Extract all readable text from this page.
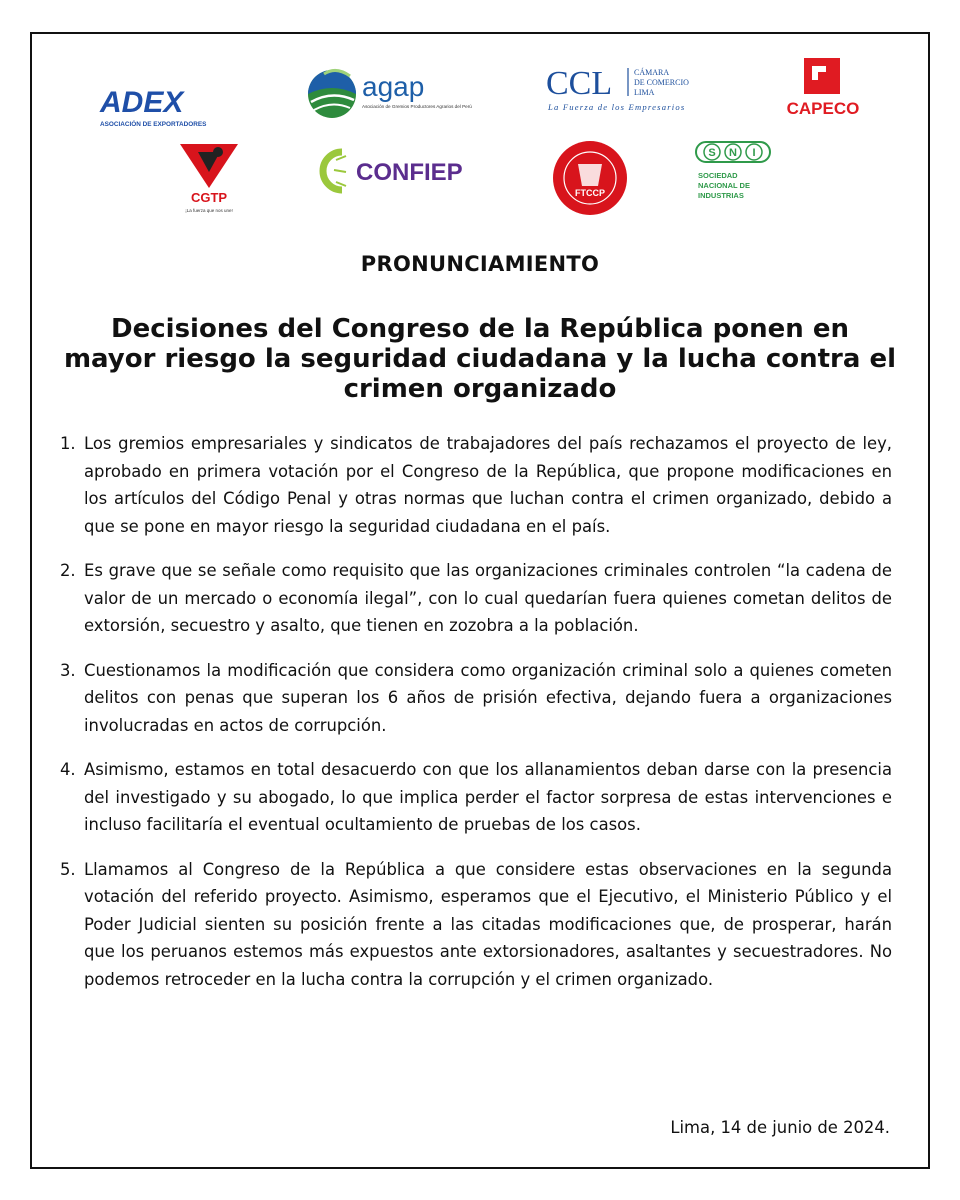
ADEX
ASOCIACIÓN DE EXPORTADORES
agap
Asociación de Gremios Productores Agrarios del Perú
CCL	CÁMARA
DE COMERCIO
LIMA
La Fuerza de los Empresarios	CAPECO
CGTP
¡La fuerza que nos une!
CONFIEP
FTCCP
S N I
SOCIEDAD
NACIONAL DE
INDUSTRIAS
PRONUNCIAMIENTO
Decisiones del Congreso de la República ponen en mayor riesgo la seguridad ciudadana y la lucha contra el crimen organizado
1. Los gremios empresariales y sindicatos de trabajadores del país rechazamos el proyecto de ley, aprobado en primera votación por el Congreso de la República, que propone modificaciones en los artículos del Código Penal y otras normas que luchan contra el crimen organizado, debido a que se pone en mayor riesgo la seguridad ciudadana en el país.
2. Es grave que se señale como requisito que las organizaciones criminales controlen “la cadena de valor de un mercado o economía ilegal”, con lo cual quedarían fuera quienes cometan delitos de extorsión, secuestro y asalto, que tienen en zozobra a la población.
3. Cuestionamos la modificación que considera como organización criminal solo a quienes cometen delitos con penas que superan los 6 años de prisión efectiva, dejando fuera a organizaciones involucradas en actos de corrupción.
4. Asimismo, estamos en total desacuerdo con que los allanamientos deban darse con la presencia del investigado y su abogado, lo que implica perder el factor sorpresa de estas intervenciones e incluso facilitaría el eventual ocultamiento de pruebas de los casos.
5. Llamamos al Congreso de la República a que considere estas observaciones en la segunda votación del referido proyecto. Asimismo, esperamos que el Ejecutivo, el Ministerio Público y el Poder Judicial sienten su posición frente a las citadas modificaciones que, de prosperar, harán que los peruanos estemos más expuestos ante extorsionadores, asaltantes y secuestradores. No podemos retroceder en la lucha contra la corrupción y el crimen organizado.
Lima, 14 de junio de 2024.
